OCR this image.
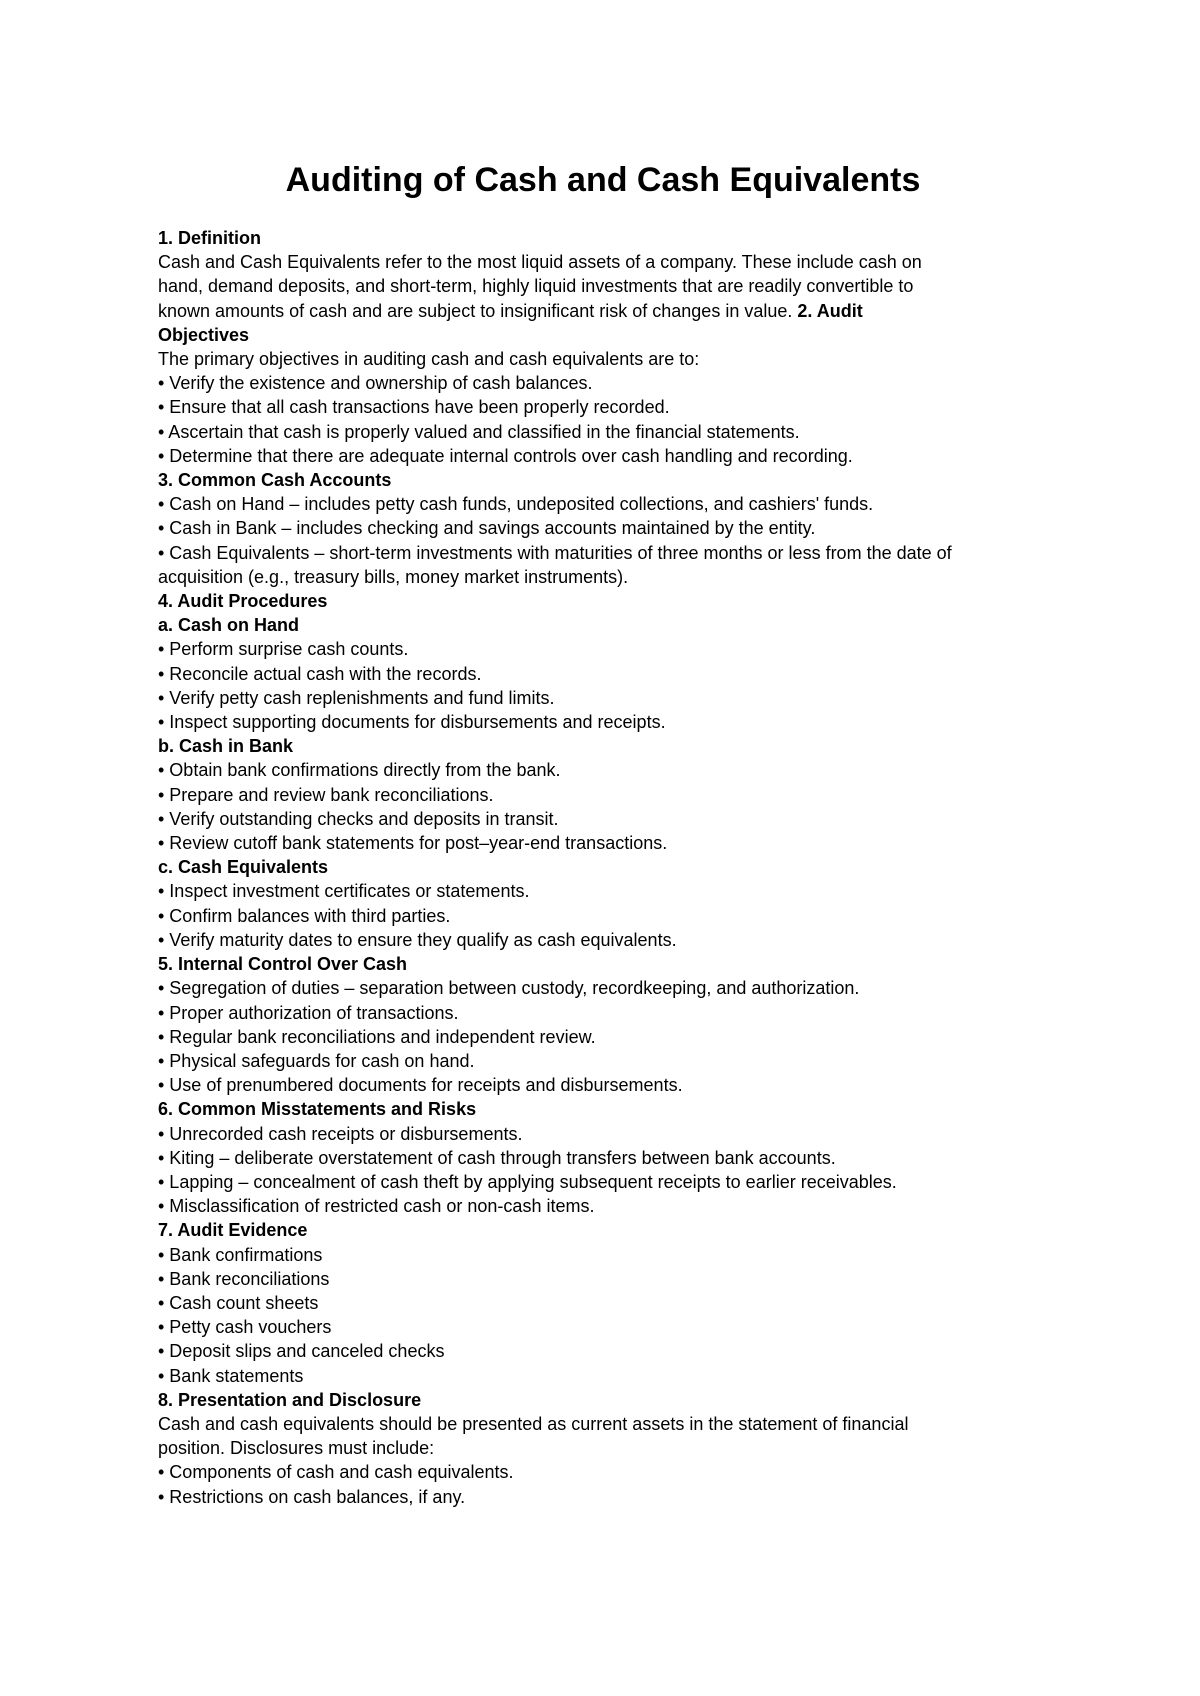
Auditing of Cash and Cash Equivalents
1. Definition
Cash and Cash Equivalents refer to the most liquid assets of a company. These include cash on
hand, demand deposits, and short-term, highly liquid investments that are readily convertible to
known amounts of cash and are subject to insignificant risk of changes in value. 2. Audit
Objectives
The primary objectives in auditing cash and cash equivalents are to:
• Verify the existence and ownership of cash balances.
• Ensure that all cash transactions have been properly recorded.
• Ascertain that cash is properly valued and classified in the financial statements.
• Determine that there are adequate internal controls over cash handling and recording.
3. Common Cash Accounts
• Cash on Hand – includes petty cash funds, undeposited collections, and cashiers' funds.
• Cash in Bank – includes checking and savings accounts maintained by the entity.
• Cash Equivalents – short-term investments with maturities of three months or less from the date of
acquisition (e.g., treasury bills, money market instruments).
4. Audit Procedures
a. Cash on Hand
• Perform surprise cash counts.
• Reconcile actual cash with the records.
• Verify petty cash replenishments and fund limits.
• Inspect supporting documents for disbursements and receipts.
b. Cash in Bank
• Obtain bank confirmations directly from the bank.
• Prepare and review bank reconciliations.
• Verify outstanding checks and deposits in transit.
• Review cutoff bank statements for post–year-end transactions.
c. Cash Equivalents
• Inspect investment certificates or statements.
• Confirm balances with third parties.
• Verify maturity dates to ensure they qualify as cash equivalents.
5. Internal Control Over Cash
• Segregation of duties – separation between custody, recordkeeping, and authorization.
• Proper authorization of transactions.
• Regular bank reconciliations and independent review.
• Physical safeguards for cash on hand.
• Use of prenumbered documents for receipts and disbursements.
6. Common Misstatements and Risks
• Unrecorded cash receipts or disbursements.
• Kiting – deliberate overstatement of cash through transfers between bank accounts.
• Lapping – concealment of cash theft by applying subsequent receipts to earlier receivables.
• Misclassification of restricted cash or non-cash items.
7. Audit Evidence
• Bank confirmations
• Bank reconciliations
• Cash count sheets
• Petty cash vouchers
• Deposit slips and canceled checks
• Bank statements
8. Presentation and Disclosure
Cash and cash equivalents should be presented as current assets in the statement of financial
position. Disclosures must include:
• Components of cash and cash equivalents.
• Restrictions on cash balances, if any.
